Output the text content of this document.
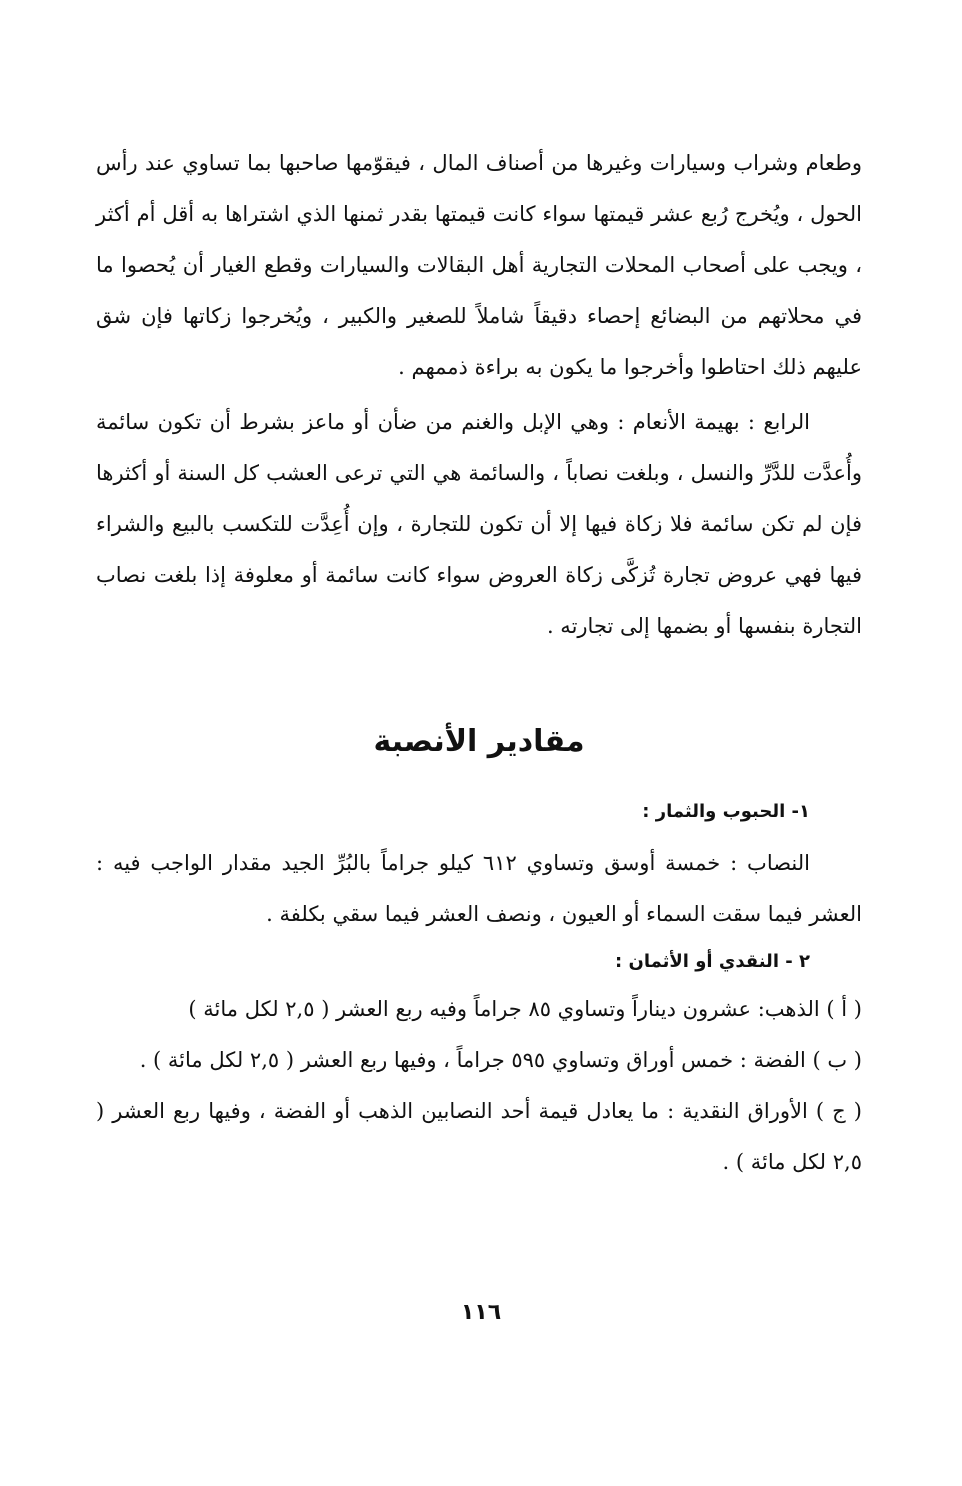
وطعام وشراب وسيارات وغيرها من أصناف المال ، فيقوّمها صاحبها بما تساوي عند رأس الحول ، ويُخرج رُبع عشر قيمتها سواء كانت قيمتها بقدر ثمنها الذي اشتراها به أقل أم أكثر ، ويجب على أصحاب المحلات التجارية أهل البقالات والسيارات وقطع الغيار أن يُحصوا ما في محلاتهم من البضائع إحصاء دقيقاً شاملاً للصغير والكبير ، ويُخرجوا زكاتها فإن شق عليهم ذلك احتاطوا وأخرجوا ما يكون به براءة ذممهم .

الرابع : بهيمة الأنعام : وهي الإبل والغنم من ضأن أو ماعز بشرط أن تكون سائمة وأُعدَّت للدَّرِّ والنسل ، وبلغت نصاباً ، والسائمة هي التي ترعى العشب كل السنة أو أكثرها فإن لم تكن سائمة فلا زكاة فيها إلا أن تكون للتجارة ، وإن أُعِدَّت للتكسب بالبيع والشراء فيها فهي عروض تجارة تُزكَّى زكاة العروض سواء كانت سائمة أو معلوفة إذا بلغت نصاب التجارة بنفسها أو بضمها إلى تجارته .

مقادير الأنصبة

١- الحبوب والثمار :

النصاب : خمسة أوسق وتساوي ٦١٢ كيلو جراماً بالبُرِّ الجيد مقدار الواجب فيه : العشر فيما سقت السماء أو العيون ، ونصف العشر فيما سقي بكلفة .

٢ - النقدي أو الأثمان :

( أ ) الذهب: عشرون ديناراً وتساوي ٨٥ جراماً وفيه ربع العشر ( ٢,٥ لكل مائة )

( ب ) الفضة : خمس أوراق وتساوي ٥٩٥ جراماً ، وفيها ربع العشر ( ٢,٥ لكل مائة ) .

( ج ) الأوراق النقدية : ما يعادل قيمة أحد النصابين الذهب أو الفضة ، وفيها ربع العشر ( ٢,٥ لكل مائة ) .

١١٦
